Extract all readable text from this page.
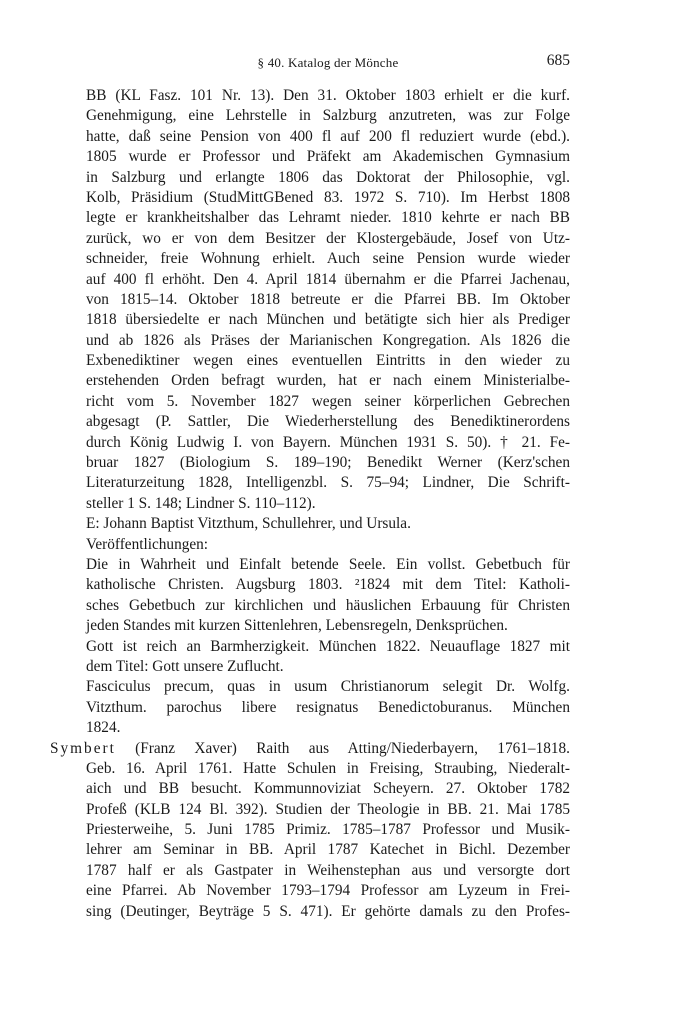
§ 40. Katalog der Mönche	685
BB (KL Fasz. 101 Nr. 13). Den 31. Oktober 1803 erhielt er die kurf.
Genehmigung, eine Lehrstelle in Salzburg anzutreten, was zur Folge
hatte, daß seine Pension von 400 fl auf 200 fl reduziert wurde (ebd.).
1805 wurde er Professor und Präfekt am Akademischen Gymnasium
in Salzburg und erlangte 1806 das Doktorat der Philosophie, vgl.
Kolb, Präsidium (StudMittGBened 83. 1972 S. 710). Im Herbst 1808
legte er krankheitshalber das Lehramt nieder. 1810 kehrte er nach BB
zurück, wo er von dem Besitzer der Klostergebäude, Josef von Utz-
schneider, freie Wohnung erhielt. Auch seine Pension wurde wieder
auf 400 fl erhöht. Den 4. April 1814 übernahm er die Pfarrei Jachenau,
von 1815–14. Oktober 1818 betreute er die Pfarrei BB. Im Oktober
1818 übersiedelte er nach München und betätigte sich hier als Prediger
und ab 1826 als Präses der Marianischen Kongregation. Als 1826 die
Exbenediktiner wegen eines eventuellen Eintritts in den wieder zu
erstehenden Orden befragt wurden, hat er nach einem Ministerialbe-
richt vom 5. November 1827 wegen seiner körperlichen Gebrechen
abgesagt (P. Sattler, Die Wiederherstellung des Benediktinerordens
durch König Ludwig I. von Bayern. München 1931 S. 50). † 21. Fe-
bruar 1827 (Biologium S. 189–190; Benedikt Werner (Kerz'schen
Literaturzeitung 1828, Intelligenzbl. S. 75–94; Lindner, Die Schrift-
steller 1 S. 148; Lindner S. 110–112).
E: Johann Baptist Vitzthum, Schullehrer, und Ursula.
Veröffentlichungen:
Die in Wahrheit und Einfalt betende Seele. Ein vollst. Gebetbuch für
katholische Christen. Augsburg 1803. ²1824 mit dem Titel: Katholi-
sches Gebetbuch zur kirchlichen und häuslichen Erbauung für Christen
jeden Standes mit kurzen Sittenlehren, Lebensregeln, Denksprüchen.
Gott ist reich an Barmherzigkeit. München 1822. Neuauflage 1827 mit
dem Titel: Gott unsere Zuflucht.
Fasciculus precum, quas in usum Christianorum selegit Dr. Wolfg.
Vitzthum. parochus libere resignatus Benedictoburanus. München
1824.
Symbert (Franz Xaver) Raith aus Atting/Niederbayern, 1761–1818.
Geb. 16. April 1761. Hatte Schulen in Freising, Straubing, Niederalt-
aich und BB besucht. Kommunnoviziat Scheyern. 27. Oktober 1782
Profeß (KLB 124 Bl. 392). Studien der Theologie in BB. 21. Mai 1785
Priesterweihe, 5. Juni 1785 Primiz. 1785–1787 Professor und Musik-
lehrer am Seminar in BB. April 1787 Katechet in Bichl. Dezember
1787 half er als Gastpater in Weihenstephan aus und versorgte dort
eine Pfarrei. Ab November 1793–1794 Professor am Lyzeum in Frei-
sing (Deutinger, Beyträge 5 S. 471). Er gehörte damals zu den Profes-
